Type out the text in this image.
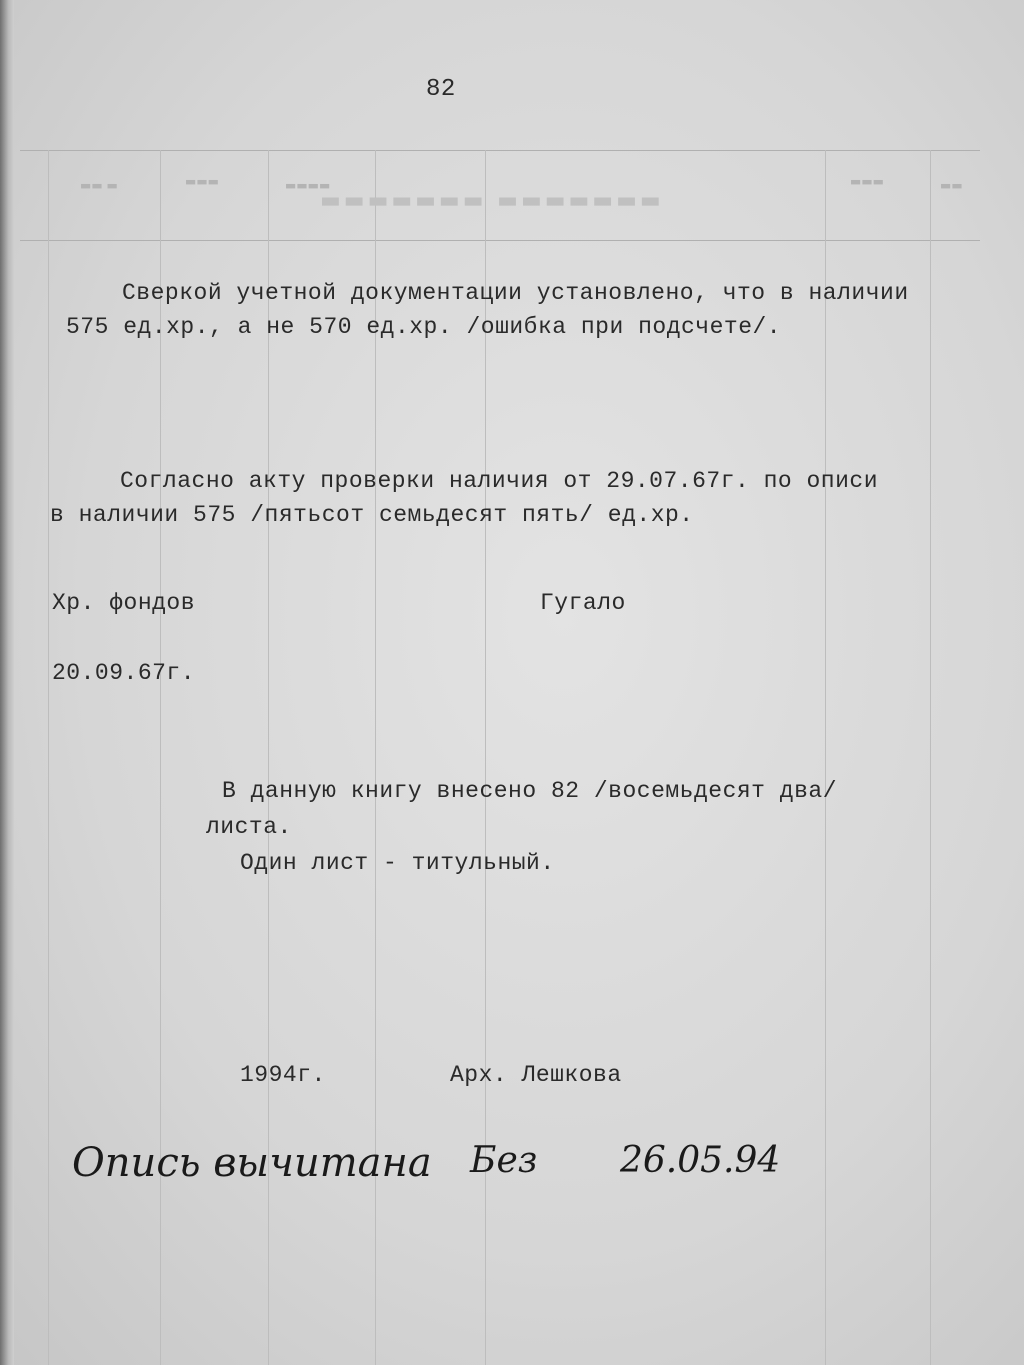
▬▬▬▬▬▬▬ ▬▬▬▬▬▬▬
▬▬ ▬	▬▬▬	▬▬▬▬	▬▬▬	▬▬
82
Сверкой учетной документации установлено, что в наличии
575 ед.хр., а не 570 ед.хр. /ошибка при подсчете/.
Согласно акту проверки наличия от 29.07.67г. по описи
в наличии 575 /пятьсот семьдесят пять/ ед.хр.
Хр. фондов	Гугало
20.09.67г.
В данную книгу внесено 82 /восемьдесят два/
листа.
Один лист - титульный.
1994г.	Арх. Лешкова
Опись вычитана Без 26.05.94
